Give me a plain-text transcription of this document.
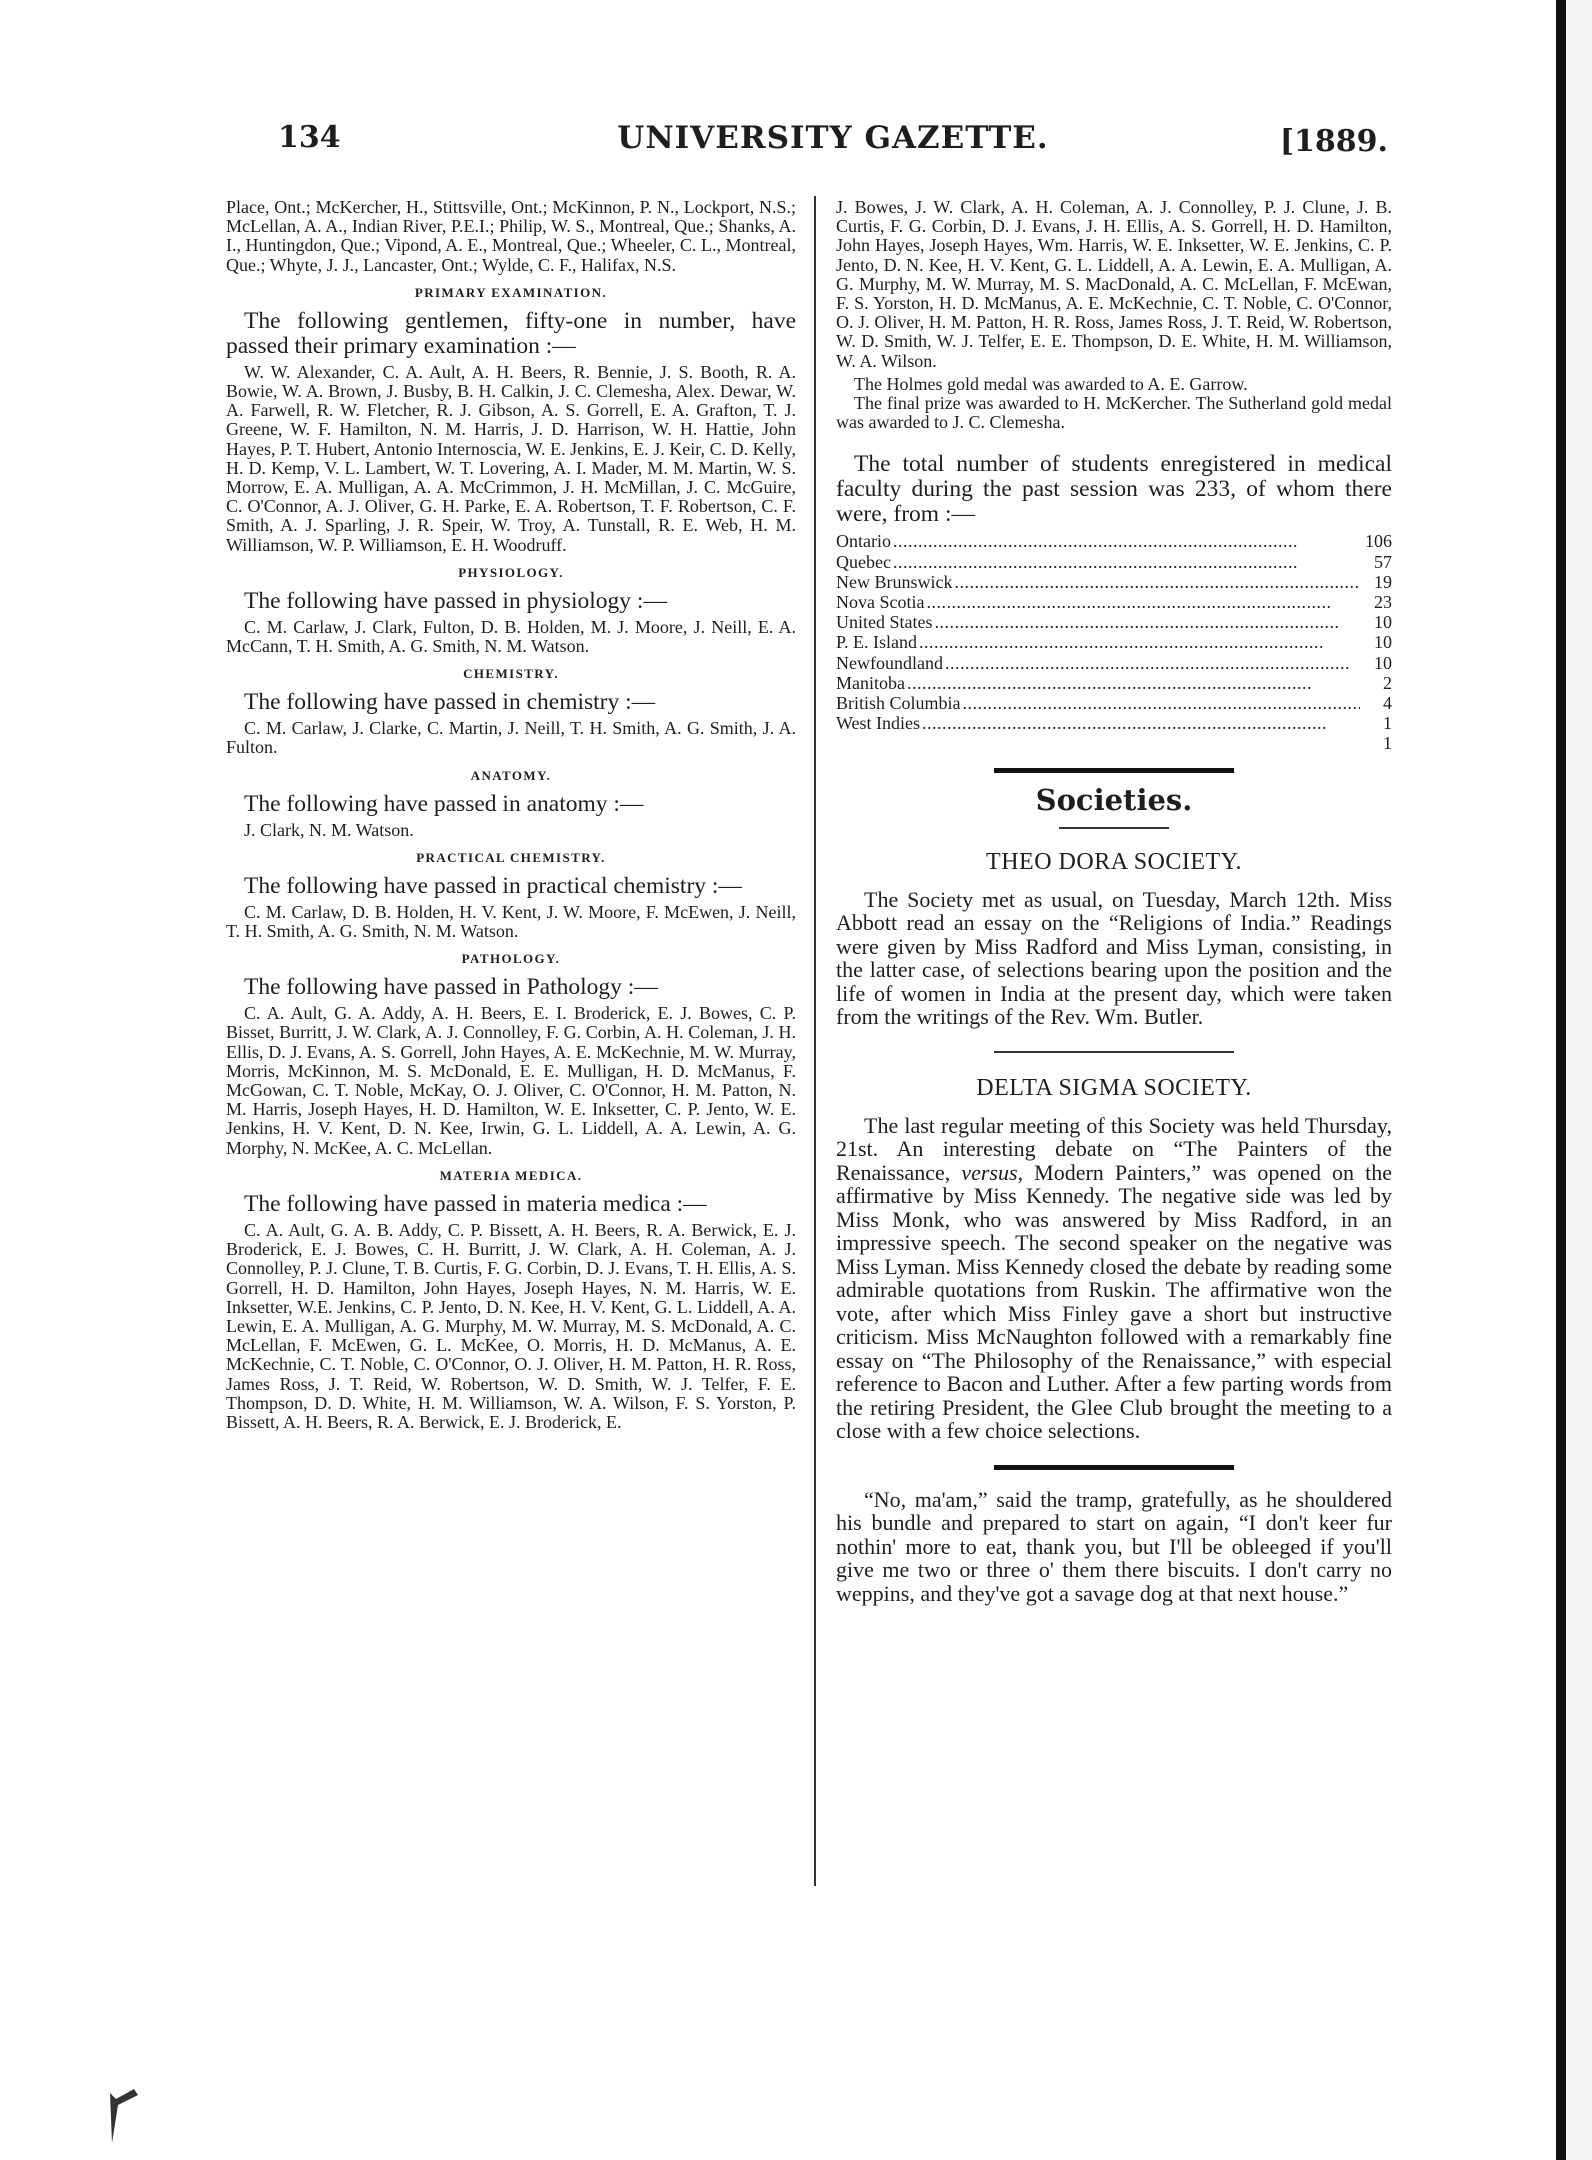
134	UNIVERSITY GAZETTE.	[1889.

Place, Ont.; McKercher, H., Stittsville, Ont.; McKinnon, P. N., Lockport, N.S.; McLellan, A. A., Indian River, P.E.I.; Philip, W. S., Montreal, Que.; Shanks, A. I., Huntingdon, Que.; Vipond, A. E., Montreal, Que.; Wheeler, C. L., Montreal, Que.; Whyte, J. J., Lancaster, Ont.; Wylde, C. F., Halifax, N.S.

PRIMARY EXAMINATION.

The following gentlemen, fifty-one in number, have passed their primary examination :—

W. W. Alexander, C. A. Ault, A. H. Beers, R. Bennie, J. S. Booth, R. A. Bowie, W. A. Brown, J. Busby, B. H. Calkin, J. C. Clemesha, Alex. Dewar, W. A. Farwell, R. W. Fletcher, R. J. Gibson, A. S. Gorrell, E. A. Grafton, T. J. Greene, W. F. Hamilton, N. M. Harris, J. D. Harrison, W. H. Hattie, John Hayes, P. T. Hubert, Antonio Internoscia, W. E. Jenkins, E. J. Keir, C. D. Kelly, H. D. Kemp, V. L. Lambert, W. T. Lovering, A. I. Mader, M. M. Martin, W. S. Morrow, E. A. Mulligan, A. A. McCrimmon, J. H. McMillan, J. C. McGuire, C. O'Connor, A. J. Oliver, G. H. Parke, E. A. Robertson, T. F. Robertson, C. F. Smith, A. J. Sparling, J. R. Speir, W. Troy, A. Tunstall, R. E. Web, H. M. Williamson, W. P. Williamson, E. H. Woodruff.

PHYSIOLOGY.

The following have passed in physiology :—

C. M. Carlaw, J. Clark, Fulton, D. B. Holden, M. J. Moore, J. Neill, E. A. McCann, T. H. Smith, A. G. Smith, N. M. Watson.

CHEMISTRY.

The following have passed in chemistry :—

C. M. Carlaw, J. Clarke, C. Martin, J. Neill, T. H. Smith, A. G. Smith, J. A. Fulton.

ANATOMY.

The following have passed in anatomy :—

J. Clark, N. M. Watson.

PRACTICAL CHEMISTRY.

The following have passed in practical chemistry :—

C. M. Carlaw, D. B. Holden, H. V. Kent, J. W. Moore, F. McEwen, J. Neill, T. H. Smith, A. G. Smith, N. M. Watson.

PATHOLOGY.

The following have passed in Pathology :—

C. A. Ault, G. A. Addy, A. H. Beers, E. I. Broderick, E. J. Bowes, C. P. Bisset, Burritt, J. W. Clark, A. J. Connolley, F. G. Corbin, A. H. Coleman, J. H. Ellis, D. J. Evans, A. S. Gorrell, John Hayes, A. E. McKechnie, M. W. Murray, Morris, McKinnon, M. S. McDonald, E. E. Mulligan, H. D. McManus, F. McGowan, C. T. Noble, McKay, O. J. Oliver, C. O'Connor, H. M. Patton, N. M. Harris, Joseph Hayes, H. D. Hamilton, W. E. Inksetter, C. P. Jento, W. E. Jenkins, H. V. Kent, D. N. Kee, Irwin, G. L. Liddell, A. A. Lewin, A. G. Morphy, N. McKee, A. C. McLellan.

MATERIA MEDICA.

The following have passed in materia medica :—

C. A. Ault, G. A. B. Addy, C. P. Bissett, A. H. Beers, R. A. Berwick, E. J. Broderick, E. J. Bowes, C. H. Burritt, J. W. Clark, A. H. Coleman, A. J. Connolley, P. J. Clune, T. B. Curtis, F. G. Corbin, D. J. Evans, T. H. Ellis, A. S. Gorrell, H. D. Hamilton, John Hayes, Joseph Hayes, N. M. Harris, W. E. Inksetter, W.E. Jenkins, C. P. Jento, D. N. Kee, H. V. Kent, G. L. Liddell, A. A. Lewin, E. A. Mulligan, A. G. Murphy, M. W. Murray, M. S. McDonald, A. C. McLellan, F. McEwen, G. L. McKee, O. Morris, H. D. McManus, A. E. McKechnie, C. T. Noble, C. O'Connor, O. J. Oliver, H. M. Patton, H. R. Ross, James Ross, J. T. Reid, W. Robertson, W. D. Smith, W. J. Telfer, F. E. Thompson, D. D. White, H. M. Williamson, W. A. Wilson, F. S. Yorston, P. Bissett, A. H. Beers, R. A. Berwick, E. J. Broderick, E.

J. Bowes, J. W. Clark, A. H. Coleman, A. J. Connolley, P. J. Clune, J. B. Curtis, F. G. Corbin, D. J. Evans, J. H. Ellis, A. S. Gorrell, H. D. Hamilton, John Hayes, Joseph Hayes, Wm. Harris, W. E. Inksetter, W. E. Jenkins, C. P. Jento, D. N. Kee, H. V. Kent, G. L. Liddell, A. A. Lewin, E. A. Mulligan, A. G. Murphy, M. W. Murray, M. S. MacDonald, A. C. McLellan, F. McEwan, F. S. Yorston, H. D. McManus, A. E. McKechnie, C. T. Noble, C. O'Connor, O. J. Oliver, H. M. Patton, H. R. Ross, James Ross, J. T. Reid, W. Robertson, W. D. Smith, W. J. Telfer, E. E. Thompson, D. E. White, H. M. Williamson, W. A. Wilson.

The Holmes gold medal was awarded to A. E. Garrow.

The final prize was awarded to H. McKercher. The Sutherland gold medal was awarded to J. C. Clemesha.

The total number of students enregistered in medical faculty during the past session was 233, of whom there were, from :—

Ontario . . .	106
Quebec . . .	57
New Brunswick . . .	19
Nova Scotia . . .	23
United States . . .	10
P. E. Island . . .	10
Newfoundland . . .	10
Manitoba . . .	2
British Columbia . . .	4
West Indies . . .	1
1
Societies.
THEO DORA SOCIETY.

The Society met as usual, on Tuesday, March 12th. Miss Abbott read an essay on the “Religions of India.” Readings were given by Miss Radford and Miss Lyman, consisting, in the latter case, of selections bearing upon the position and the life of women in India at the present day, which were taken from the writings of the Rev. Wm. Butler.

DELTA SIGMA SOCIETY.

The last regular meeting of this Society was held Thursday, 21st. An interesting debate on “The Painters of the Renaissance, versus, Modern Painters,” was opened on the affirmative by Miss Kennedy. The negative side was led by Miss Monk, who was answered by Miss Radford, in an impressive speech. The second speaker on the negative was Miss Lyman. Miss Kennedy closed the debate by reading some admirable quotations from Ruskin. The affirmative won the vote, after which Miss Finley gave a short but instructive criticism. Miss McNaughton followed with a remarkably fine essay on “The Philosophy of the Renaissance,” with especial reference to Bacon and Luther. After a few parting words from the retiring President, the Glee Club brought the meeting to a close with a few choice selections.

“No, ma'am,” said the tramp, gratefully, as he shouldered his bundle and prepared to start on again, “I don't keer fur nothin' more to eat, thank you, but I'll be obleeged if you'll give me two or three o' them there biscuits. I don't carry no weppins, and they've got a savage dog at that next house.”
